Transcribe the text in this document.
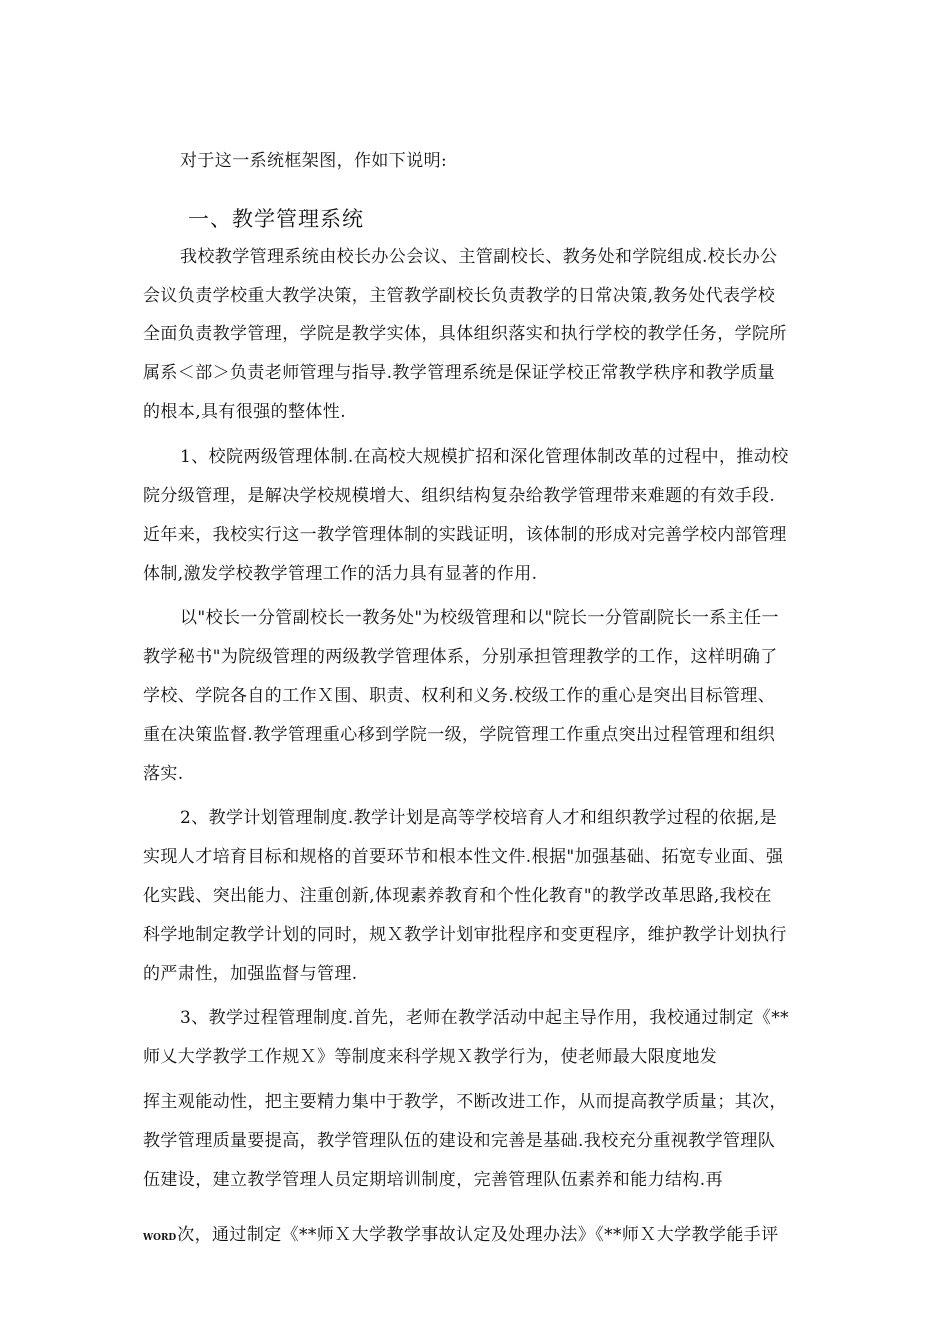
对于这一系统框架图，作如下说明:
一、教学管理系统
我校教学管理系统由校长办公会议、主管副校长、教务处和学院组成.校长办公
会议负责学校重大教学决策，主管教学副校长负责教学的日常决策,教务处代表学校
全面负责教学管理，学院是教学实体，具体组织落实和执行学校的教学任务，学院所
属系＜部＞负责老师管理与指导.教学管理系统是保证学校正常教学秩序和教学质量
的根本,具有很强的整体性.
1、校院两级管理体制.在高校大规模扩招和深化管理体制改革的过程中，推动校
院分级管理，是解决学校规模增大、组织结构复杂给教学管理带来难题的有效手段.
近年来，我校实行这一教学管理体制的实践证明，该体制的形成对完善学校内部管理
体制,激发学校教学管理工作的活力具有显著的作用.
以"校长一分管副校长一教务处"为校级管理和以"院长一分管副院长一系主任一
教学秘书"为院级管理的两级教学管理体系，分别承担管理教学的工作，这样明确了
学校、学院各自的工作Ｘ围、职责、权利和义务.校级工作的重心是突出目标管理、
重在决策监督.教学管理重心移到学院一级，学院管理工作重点突出过程管理和组织
落实.
2、教学计划管理制度.教学计划是高等学校培育人才和组织教学过程的依据,是
实现人才培育目标和规格的首要环节和根本性文件.根据"加强基础、拓宽专业面、强
化实践、突出能力、注重创新,体现素养教育和个性化教育"的教学改革思路,我校在
科学地制定教学计划的同时，规Ｘ教学计划审批程序和变更程序，维护教学计划执行
的严肃性，加强监督与管理.
3、教学过程管理制度.首先，老师在教学活动中起主导作用，我校通过制定《**
师乂大学教学工作规Ｘ》等制度来科学规Ｘ教学行为，使老师最大限度地发
挥主观能动性，把主要精力集中于教学，不断改进工作，从而提高教学质量；其次，
教学管理质量要提高，教学管理队伍的建设和完善是基础.我校充分重视教学管理队
伍建设，建立教学管理人员定期培训制度，完善管理队伍素养和能力结构.再
WORD次，通过制定《**师Ｘ大学教学事故认定及处理办法》《**师Ｘ大学教学能手评
